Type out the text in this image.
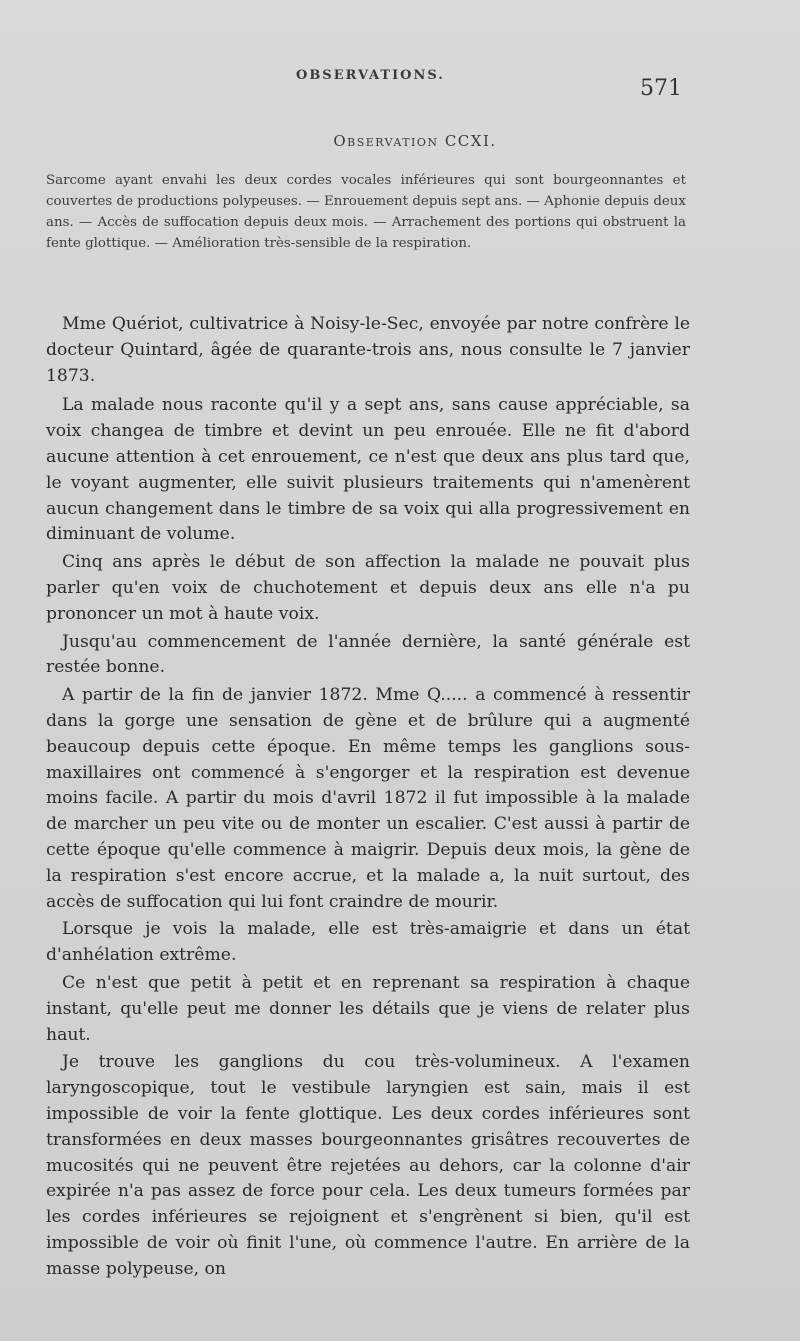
OBSERVATIONS.
571
Observation CCXI.

Sarcome ayant envahi les deux cordes vocales inférieures qui sont bourgeonnantes et couvertes de productions polypeuses. — Enrouement depuis sept ans. — Aphonie depuis deux ans. — Accès de suffocation depuis deux mois. — Arrachement des portions qui obstruent la fente glottique. — Amélioration très-sensible de la respiration.

Mme Quériot, cultivatrice à Noisy-le-Sec, envoyée par notre confrère le docteur Quintard, âgée de quarante-trois ans, nous consulte le 7 janvier 1873.

La malade nous raconte qu'il y a sept ans, sans cause appréciable, sa voix changea de timbre et devint un peu enrouée. Elle ne fit d'abord aucune attention à cet enrouement, ce n'est que deux ans plus tard que, le voyant augmenter, elle suivit plusieurs traitements qui n'amenèrent aucun changement dans le timbre de sa voix qui alla progressivement en diminuant de volume.

Cinq ans après le début de son affection la malade ne pouvait plus parler qu'en voix de chuchotement et depuis deux ans elle n'a pu prononcer un mot à haute voix.

Jusqu'au commencement de l'année dernière, la santé générale est restée bonne.

A partir de la fin de janvier 1872. Mme Q..... a commencé à ressentir dans la gorge une sensation de gène et de brûlure qui a augmenté beaucoup depuis cette époque. En même temps les ganglions sous-maxillaires ont commencé à s'engorger et la respiration est devenue moins facile. A partir du mois d'avril 1872 il fut impossible à la malade de marcher un peu vite ou de monter un escalier. C'est aussi à partir de cette époque qu'elle commence à maigrir. Depuis deux mois, la gène de la respiration s'est encore accrue, et la malade a, la nuit surtout, des accès de suffocation qui lui font craindre de mourir.

Lorsque je vois la malade, elle est très-amaigrie et dans un état d'anhélation extrême.

Ce n'est que petit à petit et en reprenant sa respiration à chaque instant, qu'elle peut me donner les détails que je viens de relater plus haut.

Je trouve les ganglions du cou très-volumineux. A l'examen laryngoscopique, tout le vestibule laryngien est sain, mais il est impossible de voir la fente glottique. Les deux cordes inférieures sont transformées en deux masses bourgeonnantes grisâtres recouvertes de mucosités qui ne peuvent être rejetées au dehors, car la colonne d'air expirée n'a pas assez de force pour cela. Les deux tumeurs formées par les cordes inférieures se rejoignent et s'engrènent si bien, qu'il est impossible de voir où finit l'une, où commence l'autre. En arrière de la masse polypeuse, on
